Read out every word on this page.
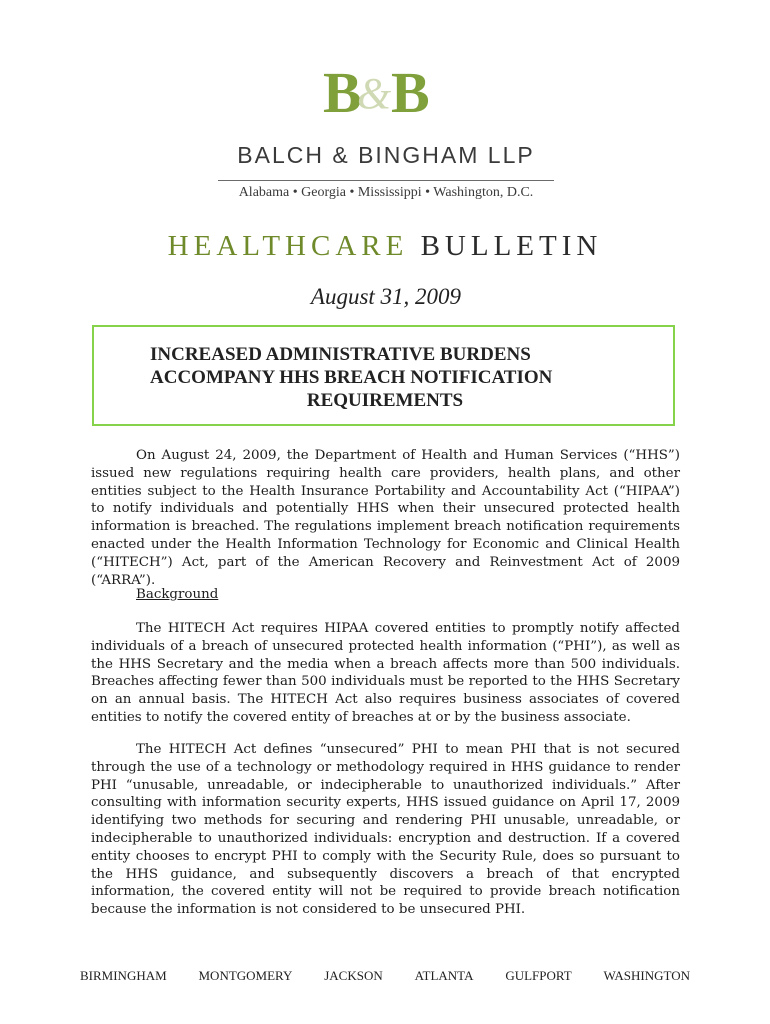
B
& B
BALCH & BINGHAM LLP
Alabama • Georgia • Mississippi • Washington, D.C.
HEALTHCARE BULLETIN
August 31, 2009
INCREASED ADMINISTRATIVE BURDENS
ACCOMPANY HHS BREACH NOTIFICATION
REQUIREMENTS

On August 24, 2009, the Department of Health and Human Services (“HHS”) issued new regulations requiring health care providers, health plans, and other entities subject to the Health Insurance Portability and Accountability Act (“HIPAA”) to notify individuals and potentially HHS when their unsecured protected health information is breached. The regulations implement breach notification requirements enacted under the Health Information Technology for Economic and Clinical Health (“HITECH”) Act, part of the American Recovery and Reinvestment Act of 2009 (“ARRA”).

Background

The HITECH Act requires HIPAA covered entities to promptly notify affected individuals of a breach of unsecured protected health information (“PHI”), as well as the HHS Secretary and the media when a breach affects more than 500 individuals. Breaches affecting fewer than 500 individuals must be reported to the HHS Secretary on an annual basis. The HITECH Act also requires business associates of covered entities to notify the covered entity of breaches at or by the business associate.

The HITECH Act defines “unsecured” PHI to mean PHI that is not secured through the use of a technology or methodology required in HHS guidance to render PHI “unusable, unreadable, or indecipherable to unauthorized individuals.” After consulting with information security experts, HHS issued guidance on April 17, 2009 identifying two methods for securing and rendering PHI unusable, unreadable, or indecipherable to unauthorized individuals: encryption and destruction. If a covered entity chooses to encrypt PHI to comply with the Security Rule, does so pursuant to the HHS guidance, and subsequently discovers a breach of that encrypted information, the covered entity will not be required to provide breach notification because the information is not considered to be unsecured PHI.

BIRMINGHAM MONTGOMERY JACKSON ATLANTA GULFPORT WASHINGTON
